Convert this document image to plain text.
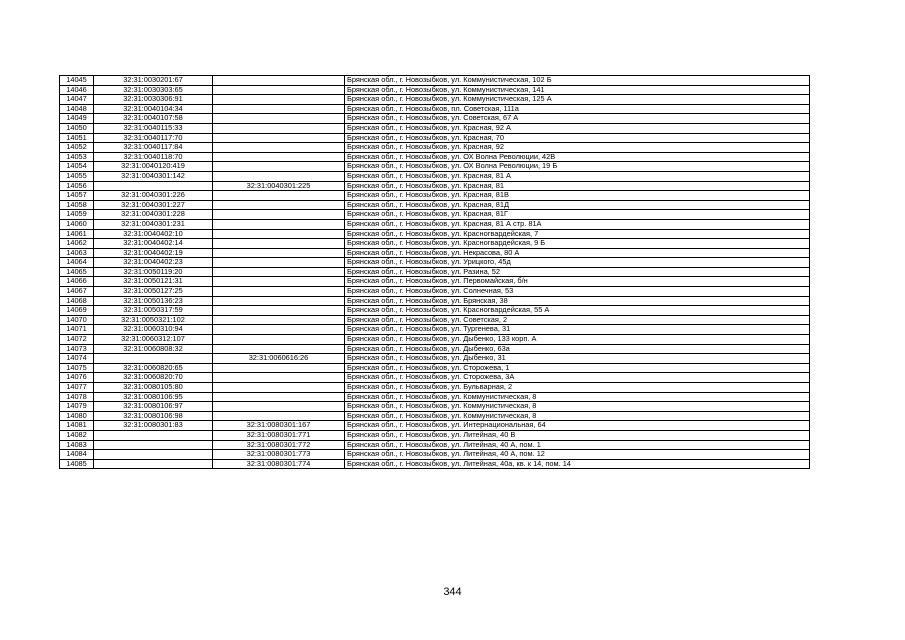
14045	32:31:0030201:67		Брянская обл., г. Новозыбков, ул. Коммунистическая, 102 Б
14046	32:31:0030303:65		Брянская обл., г. Новозыбков, ул. Коммунистическая, 141
14047	32:31:0030306:91		Брянская обл., г. Новозыбков, ул. Коммунистическая, 125 А
14048	32:31:0040104:34		Брянская обл., г. Новозыбков, пл. Советская, 111а
14049	32:31:0040107:58		Брянская обл., г. Новозыбков, ул. Советская, 67 А
14050	32:31:0040115:33		Брянская обл., г. Новозыбков, ул. Красная, 92 А
14051	32:31:0040117:70		Брянская обл., г. Новозыбков, ул. Красная, 70
14052	32:31:0040117:84		Брянская обл., г. Новозыбков, ул. Красная, 92
14053	32:31:0040118:70		Брянская обл., г. Новозыбков, ул. ОХ Волна Революции, 42В
14054	32:31:0040120:419		Брянская обл., г. Новозыбков, ул. ОХ Волна Революции, 19 Б
14055	32:31:0040301:142		Брянская обл., г. Новозыбков, ул. Красная, 81 А
14056		32:31:0040301:225	Брянская обл., г. Новозыбков, ул. Красная, 81
14057	32:31:0040301:226		Брянская обл., г. Новозыбков, ул. Красная, 81В
14058	32:31:0040301:227		Брянская обл., г. Новозыбков, ул. Красная, 81Д
14059	32:31:0040301:228		Брянская обл., г. Новозыбков, ул. Красная, 81Г
14060	32:31:0040301:231		Брянская обл., г. Новозыбков, ул. Красная, 81 А стр. 81А
14061	32:31:0040402:10		Брянская обл., г. Новозыбков, ул. Красногвардейская, 7
14062	32:31:0040402:14		Брянская обл., г. Новозыбков, ул. Красногвардейская, 9 Б
14063	32:31:0040402:19		Брянская обл., г. Новозыбков, ул. Некрасова, 80 А
14064	32:31:0040402:23		Брянская обл., г. Новозыбков, ул. Урицкого, 45д
14065	32:31:0050119:20		Брянская обл., г. Новозыбков, ул. Разина, 52
14066	32:31:0050121:31		Брянская обл., г. Новозыбков, ул. Первомайская, б/н
14067	32:31:0050127:25		Брянская обл., г. Новозыбков, ул. Солнечная, 53
14068	32:31:0050136:23		Брянская обл., г. Новозыбков, ул. Брянская, 38
14069	32:31:0050317:59		Брянская обл., г. Новозыбков, ул. Красногвардейская, 55 А
14070	32:31:0050321:102		Брянская обл., г. Новозыбков, ул. Советская, 2
14071	32:31:0060310:94		Брянская обл., г. Новозыбков, ул. Тургенева, 31
14072	32:31:0060312:107		Брянская обл., г. Новозыбков, ул. Дыбенко, 133 корп. А
14073	32:31:0060808:32		Брянская обл., г. Новозыбков, ул. Дыбенко, 63а
14074		32:31:0060616:26	Брянская обл., г. Новозыбков, ул. Дыбенко, 31
14075	32:31:0060820:65		Брянская обл., г. Новозыбков, ул. Сторожева, 1
14076	32:31:0060820:70		Брянская обл., г. Новозыбков, ул. Сторожева, 3А
14077	32:31:0080105:80		Брянская обл., г. Новозыбков, ул. Бульварная, 2
14078	32:31:0080106:95		Брянская обл., г. Новозыбков, ул. Коммунистическая, 8
14079	32:31:0080106:97		Брянская обл., г. Новозыбков, ул. Коммунистическая, 8
14080	32:31:0080106:98		Брянская обл., г. Новозыбков, ул. Коммунистическая, 8
14081	32:31:0080301:83	32:31:0080301:167	Брянская обл., г. Новозыбков, ул. Интернациональная, 64
14082		32:31:0080301:771	Брянская обл., г. Новозыбков, ул. Литейная, 40 В
14083		32:31:0080301:772	Брянская обл., г. Новозыбков, ул. Литейная, 40 А, пом. 1
14084		32:31:0080301:773	Брянская обл., г. Новозыбков, ул. Литейная, 40 А, пом. 12
14085		32:31:0080301:774	Брянская обл., г. Новозыбков, ул. Литейная, 40а, кв. к 14, пом. 14
344
